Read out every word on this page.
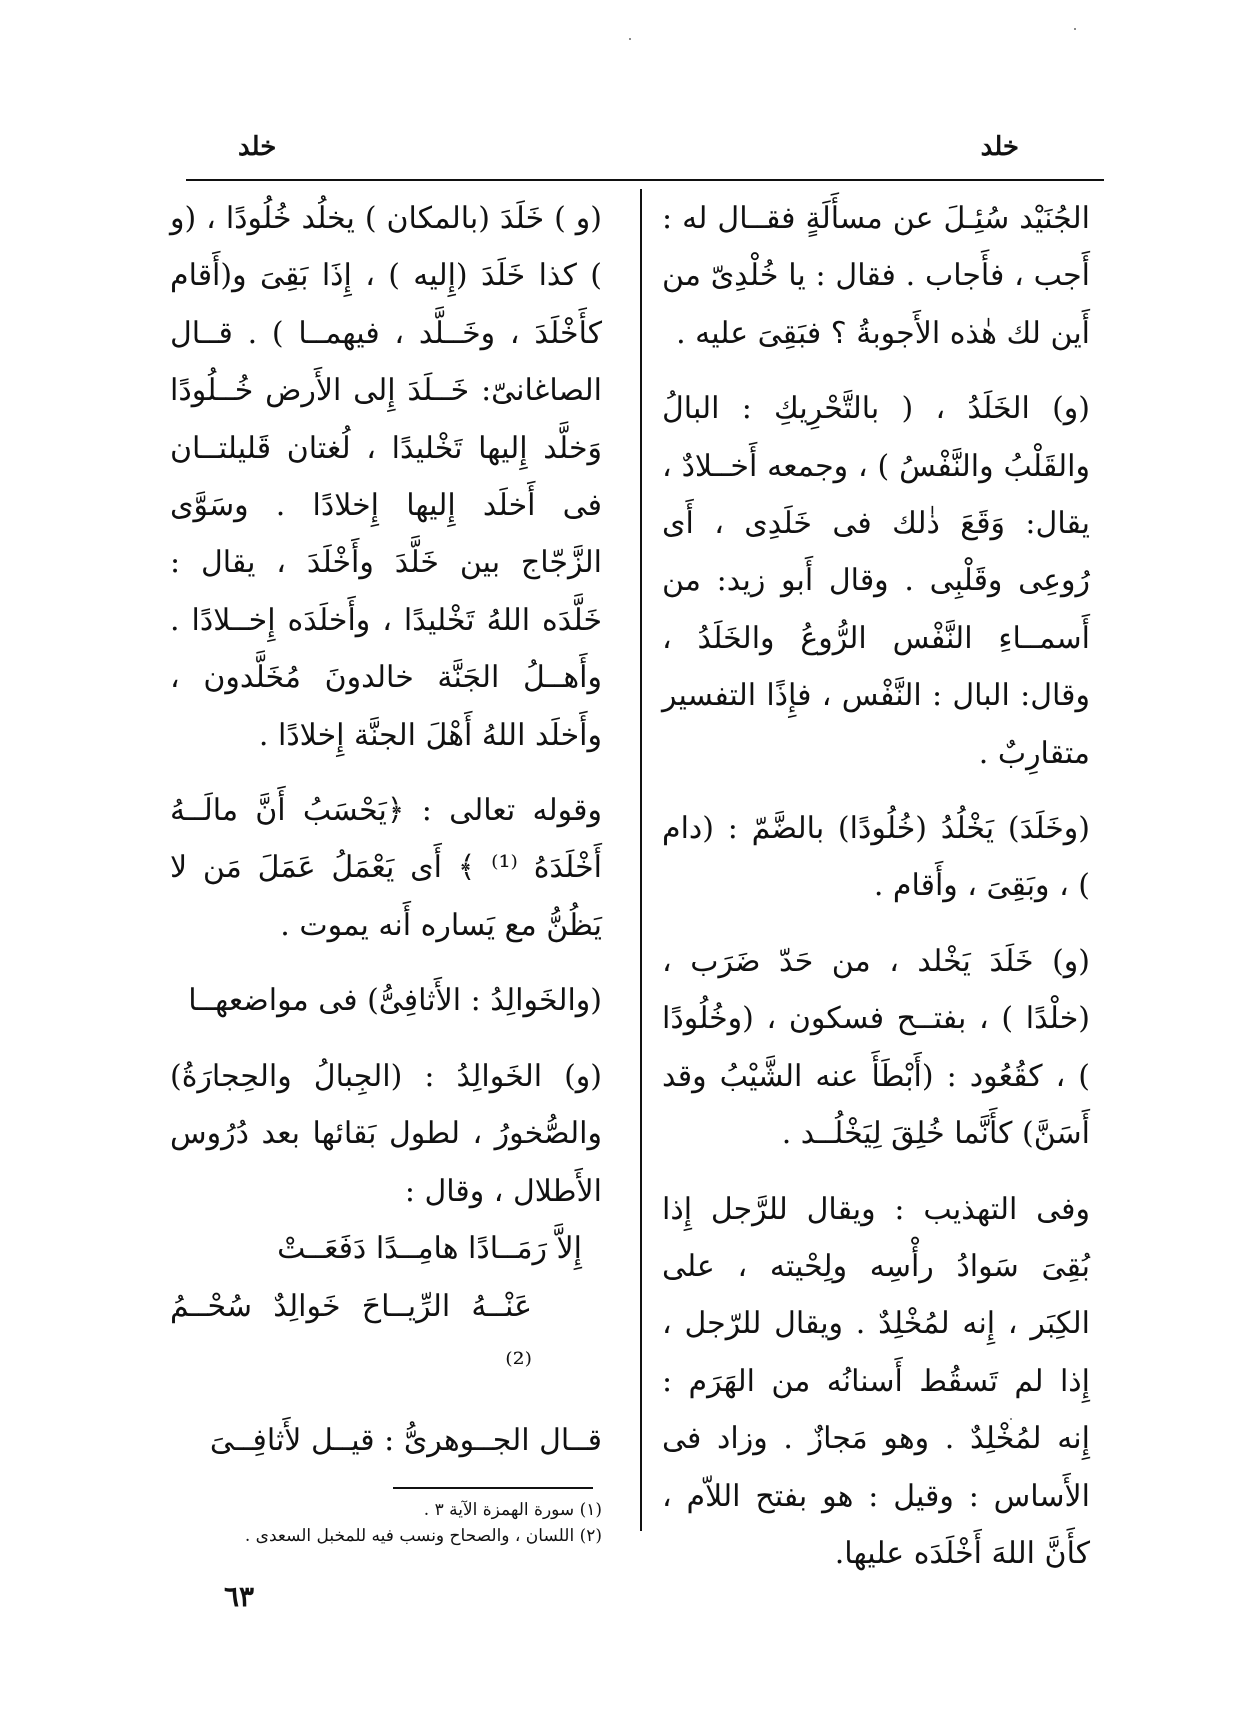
خلد
خلد

الجُنَيْد سُئِـلَ عن مسأَلَةٍ فقــال له : أَجب ، فأَجاب . فقال : يا خُلْدِىّ من أَين لك هٰذه الأَجوبةُ ؟ فبَقِىَ عليه .

(و) الخَلَدُ ، ( بالتَّحْرِيكِ : البالُ والقَلْبُ والنَّفْسُ ) ، وجمعه أَخــلادٌ ، يقال: وَقَعَ ذٰلك فى خَلَدِى ، أَى رُوعِى وقَلْبِى . وقال أَبو زيد: من أَسمــاءِ النَّفْس الرُّوعُ والخَلَدُ ، وقال: البال : النَّفْس ، فإِذًا التفسير متقارِبٌ .

(وخَلَدَ) يَخْلُدُ (خُلُودًا) بالضَّمّ : (دام ) ، وبَقِىَ ، وأَقام .

(و) خَلَدَ يَخْلد ، من حَدّ ضَرَب ، (خلْدًا ) ، بفتــح فسكون ، (وخُلُودًا ) ، كقُعُود : (أَبْطَأَ عنه الشَّيْبُ وقد أَسَنَّ) كأَنَّما خُلِقَ لِيَخْلُــد .

وفى التهذيب : ويقال للرَّجل إِذا بُقِىَ سَوادُ رأْسِه ولِحْيته ، على الكِبَر ، إِنه لمُخْلِدٌ . ويقال للرّجل ، إِذا لم تَسقُط أَسنانُه من الهَرَم : إِنه لمُخْلِدٌ . وهو مَجازٌ . وزاد فى الأَساس : وقيل : هو بفتح اللاّم ، كأَنَّ اللهَ أَخْلَدَه عليها.

(و ) خَلَدَ (بالمكان ) يخلُد خُلُودًا ، (و ) كذا خَلَدَ (إِليه ) ، إِذَا بَقِىَ و(أَقام كأَخْلَدَ ، وخَــلَّد ، فيهمــا ) . قــال الصاغانىّ: خَــلَدَ إِلى الأَرض خُــلُودًا وَخلَّد إِليها تَخْليدًا ، لُغتان قَليلتــان فى أَخلَد إِليها إِخلادًا . وسَوَّى الزَّجّاج بين خَلَّدَ وأَخْلَدَ ، يقال : خَلَّدَه اللهُ تَخْليدًا ، وأَخلَدَه إِخــلادًا . وأَهــلُ الجَنَّة خالدونَ مُخَلَّدون ، وأَخلَد اللهُ أَهْلَ الجنَّة إِخلادًا .

وقوله تعالى : ﴿يَحْسَبُ أَنَّ مالَــهُ أَخْلَدَهُ ⁽¹⁾ ﴾ أَى يَعْمَلُ عَمَلَ مَن لا يَظُنُّ مع يَساره أَنه يموت .

(والخَوالِدُ : الأَثافِىُّ) فى مواضعهــا

(و) الخَوالِدُ : (الجِبالُ والحِجارَةُ) والصُّخورُ ، لطول بَقائها بعد دُرُوس الأَطلال ، وقال :

إِلاَّ رَمَــادًا هامِــدًا دَفَعَــتْ
عَنْــهُ الرِّيــاحَ خَوالِدٌ سُحْــمُ ⁽²⁾

قــال الجــوهرىُّ : قيــل لأَثافِــىَ

(١) سورة الهمزة الآية ٣ .
(٢) اللسان ، والصحاح ونسب فيه للمخبل السعدى .
٦٣
